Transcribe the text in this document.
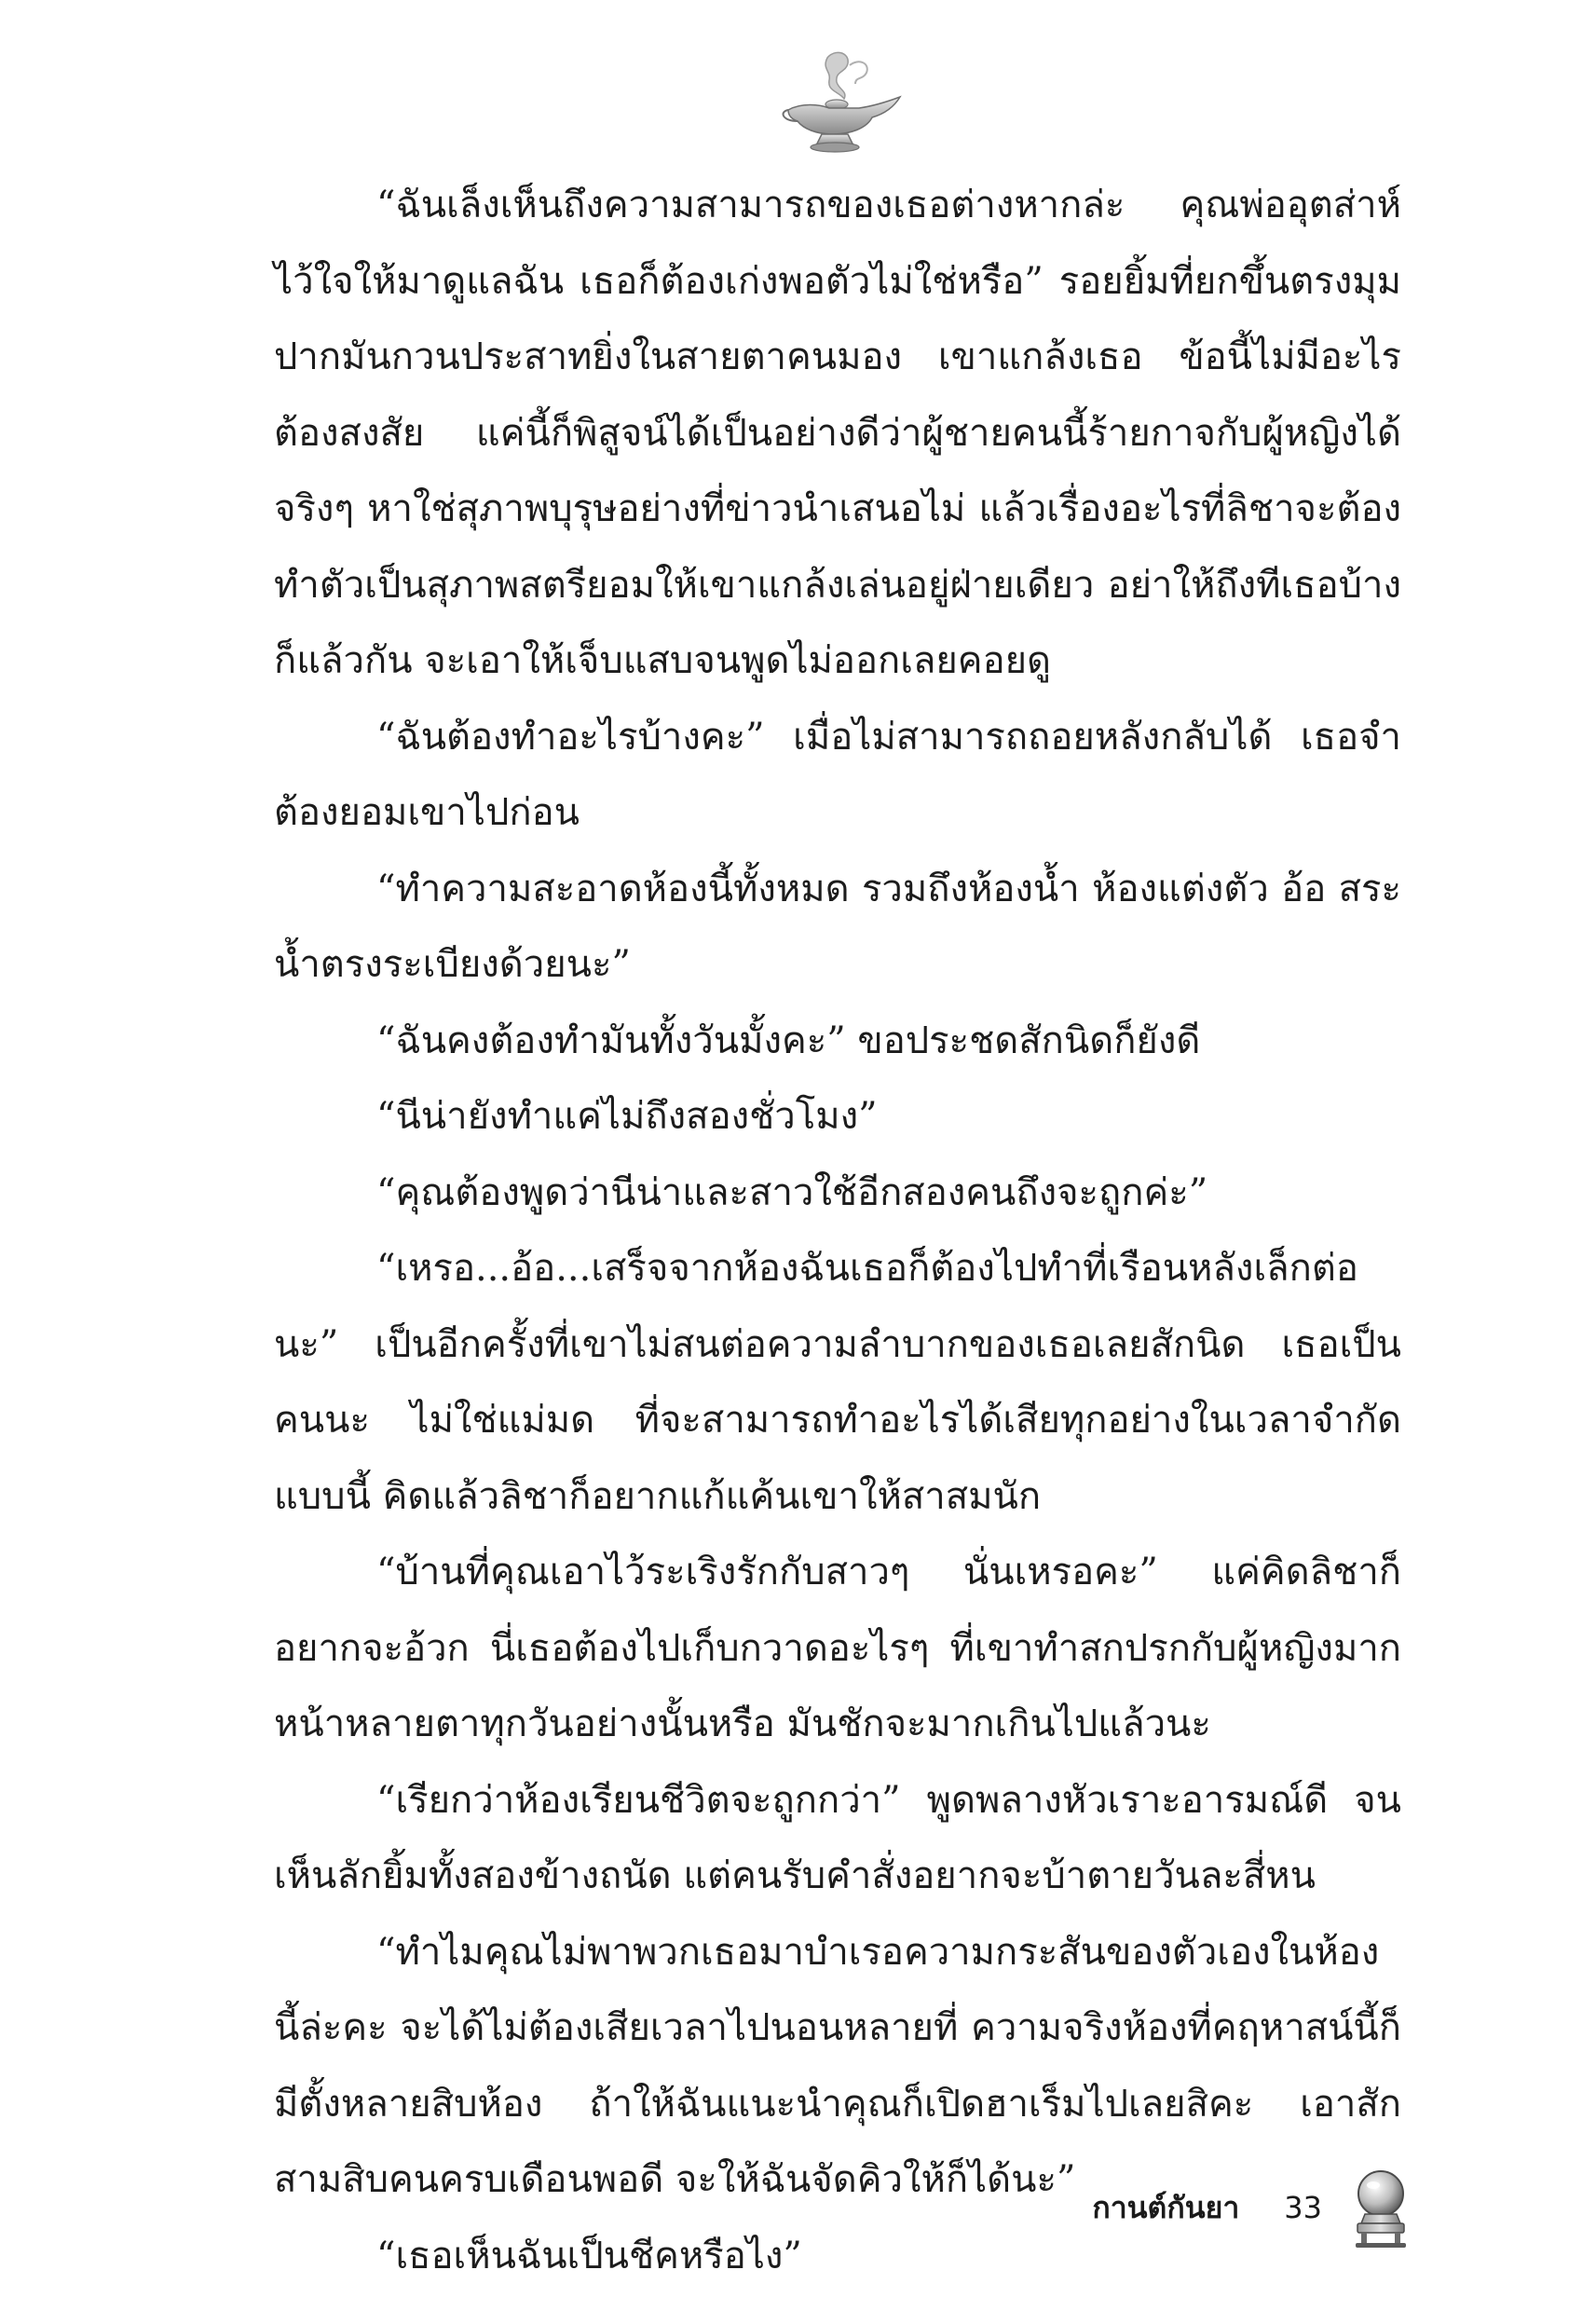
“ฉันเล็งเห็นถึงความสามารถของเธอต่างหากล่ะ คุณพ่ออุตส่าห์ไว้ใจให้มาดูแลฉัน เธอก็ต้องเก่งพอตัวไม่ใช่หรือ” รอยยิ้มที่ยกขึ้นตรงมุมปากมันกวนประสาทยิ่งในสายตาคนมอง เขาแกล้งเธอ ข้อนี้ไม่มีอะไรต้องสงสัย แค่นี้ก็พิสูจน์ได้เป็นอย่างดีว่าผู้ชายคนนี้ร้ายกาจกับผู้หญิงได้จริงๆ หาใช่สุภาพบุรุษอย่างที่ข่าวนำเสนอไม่ แล้วเรื่องอะไรที่ลิชาจะต้องทำตัวเป็นสุภาพสตรียอมให้เขาแกล้งเล่นอยู่ฝ่ายเดียว อย่าให้ถึงทีเธอบ้างก็แล้วกัน จะเอาให้เจ็บแสบจนพูดไม่ออกเลยคอยดู

“ฉันต้องทำอะไรบ้างคะ” เมื่อไม่สามารถถอยหลังกลับได้ เธอจำต้องยอมเขาไปก่อน

“ทำความสะอาดห้องนี้ทั้งหมด รวมถึงห้องน้ำ ห้องแต่งตัว อ้อ สระน้ำตรงระเบียงด้วยนะ”

“ฉันคงต้องทำมันทั้งวันมั้งคะ” ขอประชดสักนิดก็ยังดี

“นีน่ายังทำแค่ไม่ถึงสองชั่วโมง”

“คุณต้องพูดว่านีน่าและสาวใช้อีกสองคนถึงจะถูกค่ะ”

“เหรอ...อ้อ...เสร็จจากห้องฉันเธอก็ต้องไปทำที่เรือนหลังเล็กต่อนะ” เป็นอีกครั้งที่เขาไม่สนต่อความลำบากของเธอเลยสักนิด เธอเป็นคนนะ ไม่ใช่แม่มด ที่จะสามารถทำอะไรได้เสียทุกอย่างในเวลาจำกัดแบบนี้ คิดแล้วลิชาก็อยากแก้แค้นเขาให้สาสมนัก

“บ้านที่คุณเอาไว้ระเริงรักกับสาวๆ นั่นเหรอคะ” แค่คิดลิชาก็อยากจะอ้วก นี่เธอต้องไปเก็บกวาดอะไรๆ ที่เขาทำสกปรกกับผู้หญิงมากหน้าหลายตาทุกวันอย่างนั้นหรือ มันชักจะมากเกินไปแล้วนะ

“เรียกว่าห้องเรียนชีวิตจะถูกกว่า” พูดพลางหัวเราะอารมณ์ดี จนเห็นลักยิ้มทั้งสองข้างถนัด แต่คนรับคำสั่งอยากจะบ้าตายวันละสี่หน

“ทำไมคุณไม่พาพวกเธอมาบำเรอความกระสันของตัวเองในห้องนี้ล่ะคะ จะได้ไม่ต้องเสียเวลาไปนอนหลายที่ ความจริงห้องที่คฤหาสน์นี้ก็มีตั้งหลายสิบห้อง ถ้าให้ฉันแนะนำคุณก็เปิดฮาเร็มไปเลยสิคะ เอาสักสามสิบคนครบเดือนพอดี จะให้ฉันจัดคิวให้ก็ได้นะ”

“เธอเห็นฉันเป็นชีคหรือไง”

กานต์กันยา 33
